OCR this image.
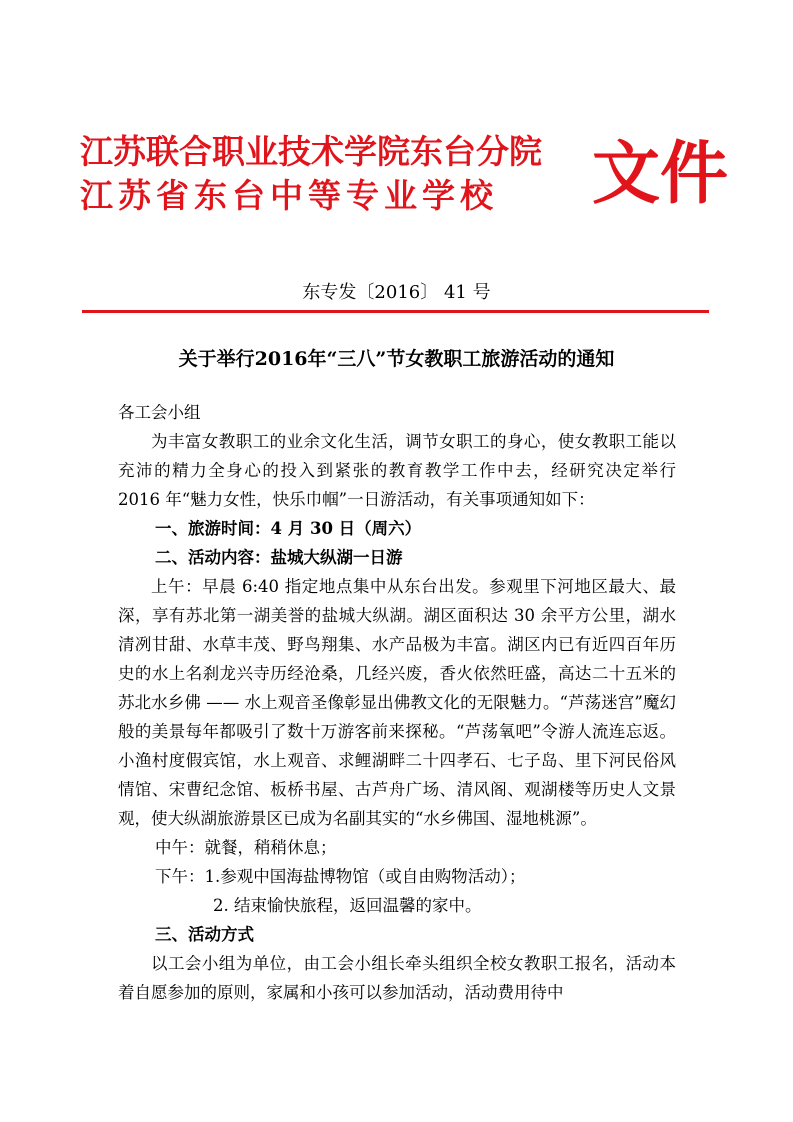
江苏联合职业技术学院东台分院
江苏省东台中等专业学校 文件
东专发〔2016〕 41 号
关于举行2016年“三八”节女教职工旅游活动的通知

各工会小组

为丰富女教职工的业余文化生活，调节女职工的身心，使女教职工能以充沛的精力全身心的投入到紧张的教育教学工作中去，经研究决定举行 2016 年“魅力女性，快乐巾帼”一日游活动，有关事项通知如下：

一、旅游时间：4 月 30 日（周六）

二、活动内容：盐城大纵湖一日游

上午：早晨 6:40 指定地点集中从东台出发。参观里下河地区最大、最深，享有苏北第一湖美誉的盐城大纵湖。湖区面积达 30 余平方公里，湖水清冽甘甜、水草丰茂、野鸟翔集、水产品极为丰富。湖区内已有近四百年历史的水上名刹龙兴寺历经沧桑，几经兴废，香火依然旺盛，高达二十五米的苏北水乡佛 —— 水上观音圣像彰显出佛教文化的无限魅力。“芦荡迷宫”魔幻般的美景每年都吸引了数十万游客前来探秘。“芦荡氧吧”令游人流连忘返。小渔村度假宾馆，水上观音、求鲤湖畔二十四孝石、七子岛、里下河民俗风情馆、宋曹纪念馆、板桥书屋、古芦舟广场、清风阁、观湖楼等历史人文景观，使大纵湖旅游景区已成为名副其实的“水乡佛国、湿地桃源”。

中午：就餐，稍稍休息；

下午：1.参观中国海盐博物馆（或自由购物活动）；

2. 结束愉快旅程，返回温馨的家中。

三、活动方式

以工会小组为单位，由工会小组长牵头组织全校女教职工报名，活动本着自愿参加的原则，家属和小孩可以参加活动，活动费用待中
